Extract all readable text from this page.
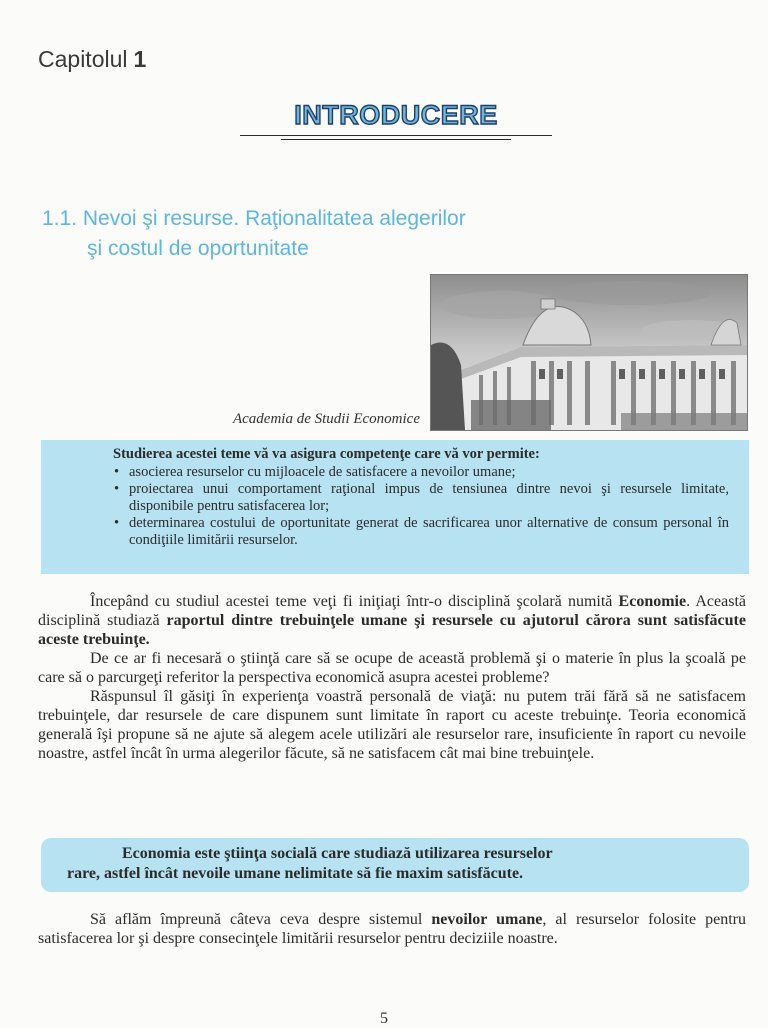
Capitolul 1
INTRODUCERE
1.1. Nevoi şi resurse. Raţionalitatea alegerilor
şi costul de oportunitate
Academia de Studii Economice
Studierea acestei teme vă va asigura competenţe care vă vor permite:
• asocierea resurselor cu mijloacele de satisfacere a nevoilor umane;
• proiectarea unui comportament raţional impus de tensiunea dintre nevoi şi resursele limitate, disponibile pentru satisfacerea lor;
• determinarea costului de oportunitate generat de sacrificarea unor alternative de consum personal în condiţiile limitării resurselor.

Începând cu studiul acestei teme veţi fi iniţiaţi într-o disciplină şcolară numită Economie. Această disciplină studiază raportul dintre trebuinţele umane şi resursele cu ajutorul cărora sunt satisfăcute aceste trebuinţe.

De ce ar fi necesară o ştiinţă care să se ocupe de această problemă şi o materie în plus la şcoală pe care să o parcurgeţi referitor la perspectiva economică asupra acestei probleme?

Răspunsul îl găsiţi în experienţa voastră personală de viaţă: nu putem trăi fără să ne satisfacem trebuinţele, dar resursele de care dispunem sunt limitate în raport cu aceste trebuinţe. Teoria economică generală îşi propune să ne ajute să alegem acele utilizări ale resurselor rare, insuficiente în raport cu nevoile noastre, astfel încât în urma alegerilor făcute, să ne satisfacem cât mai bine trebuinţele.

Economia este ştiinţa socială care studiază utilizarea resurselor
rare, astfel încât nevoile umane nelimitate să fie maxim satisfăcute.

Să aflăm împreună câteva ceva despre sistemul nevoilor umane, al resurselor folosite pentru satisfacerea lor şi despre consecinţele limitării resurselor pentru deciziile noastre.

5
